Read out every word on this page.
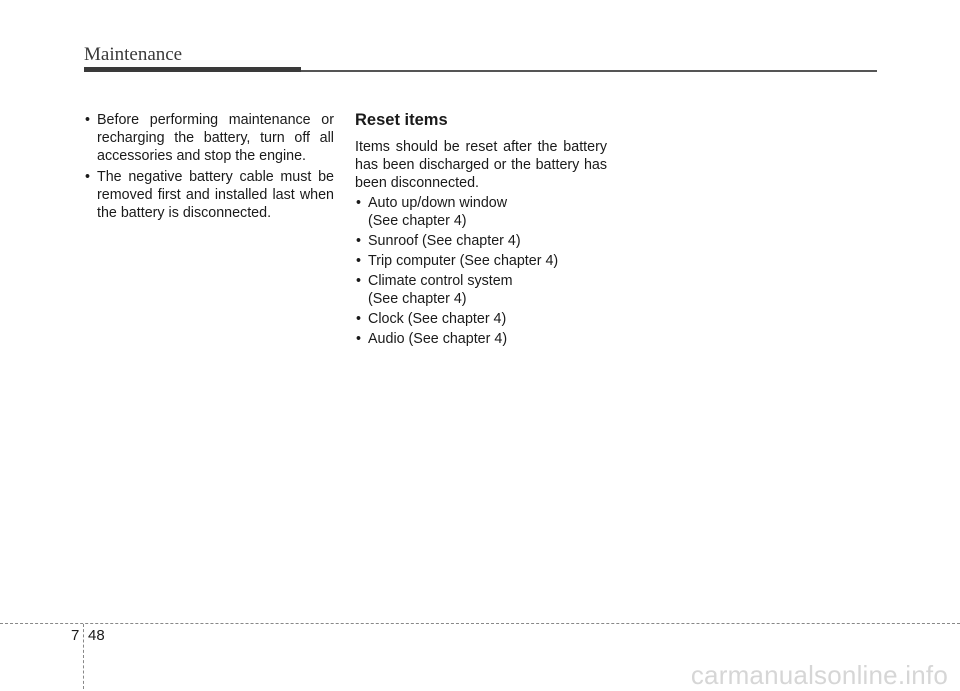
Maintenance
• Before performing maintenance or recharging the battery, turn off all accessories and stop the engine.
• The negative battery cable must be removed first and installed last when the battery is disconnected.
Reset items

Items should be reset after the battery has been discharged or the battery has been disconnected.

• Auto up/down window
(See chapter 4)
• Sunroof (See chapter 4)
• Trip computer (See chapter 4)
• Climate control system
(See chapter 4)
• Clock (See chapter 4)
• Audio (See chapter 4)
7 48
carmanualsonline.info
